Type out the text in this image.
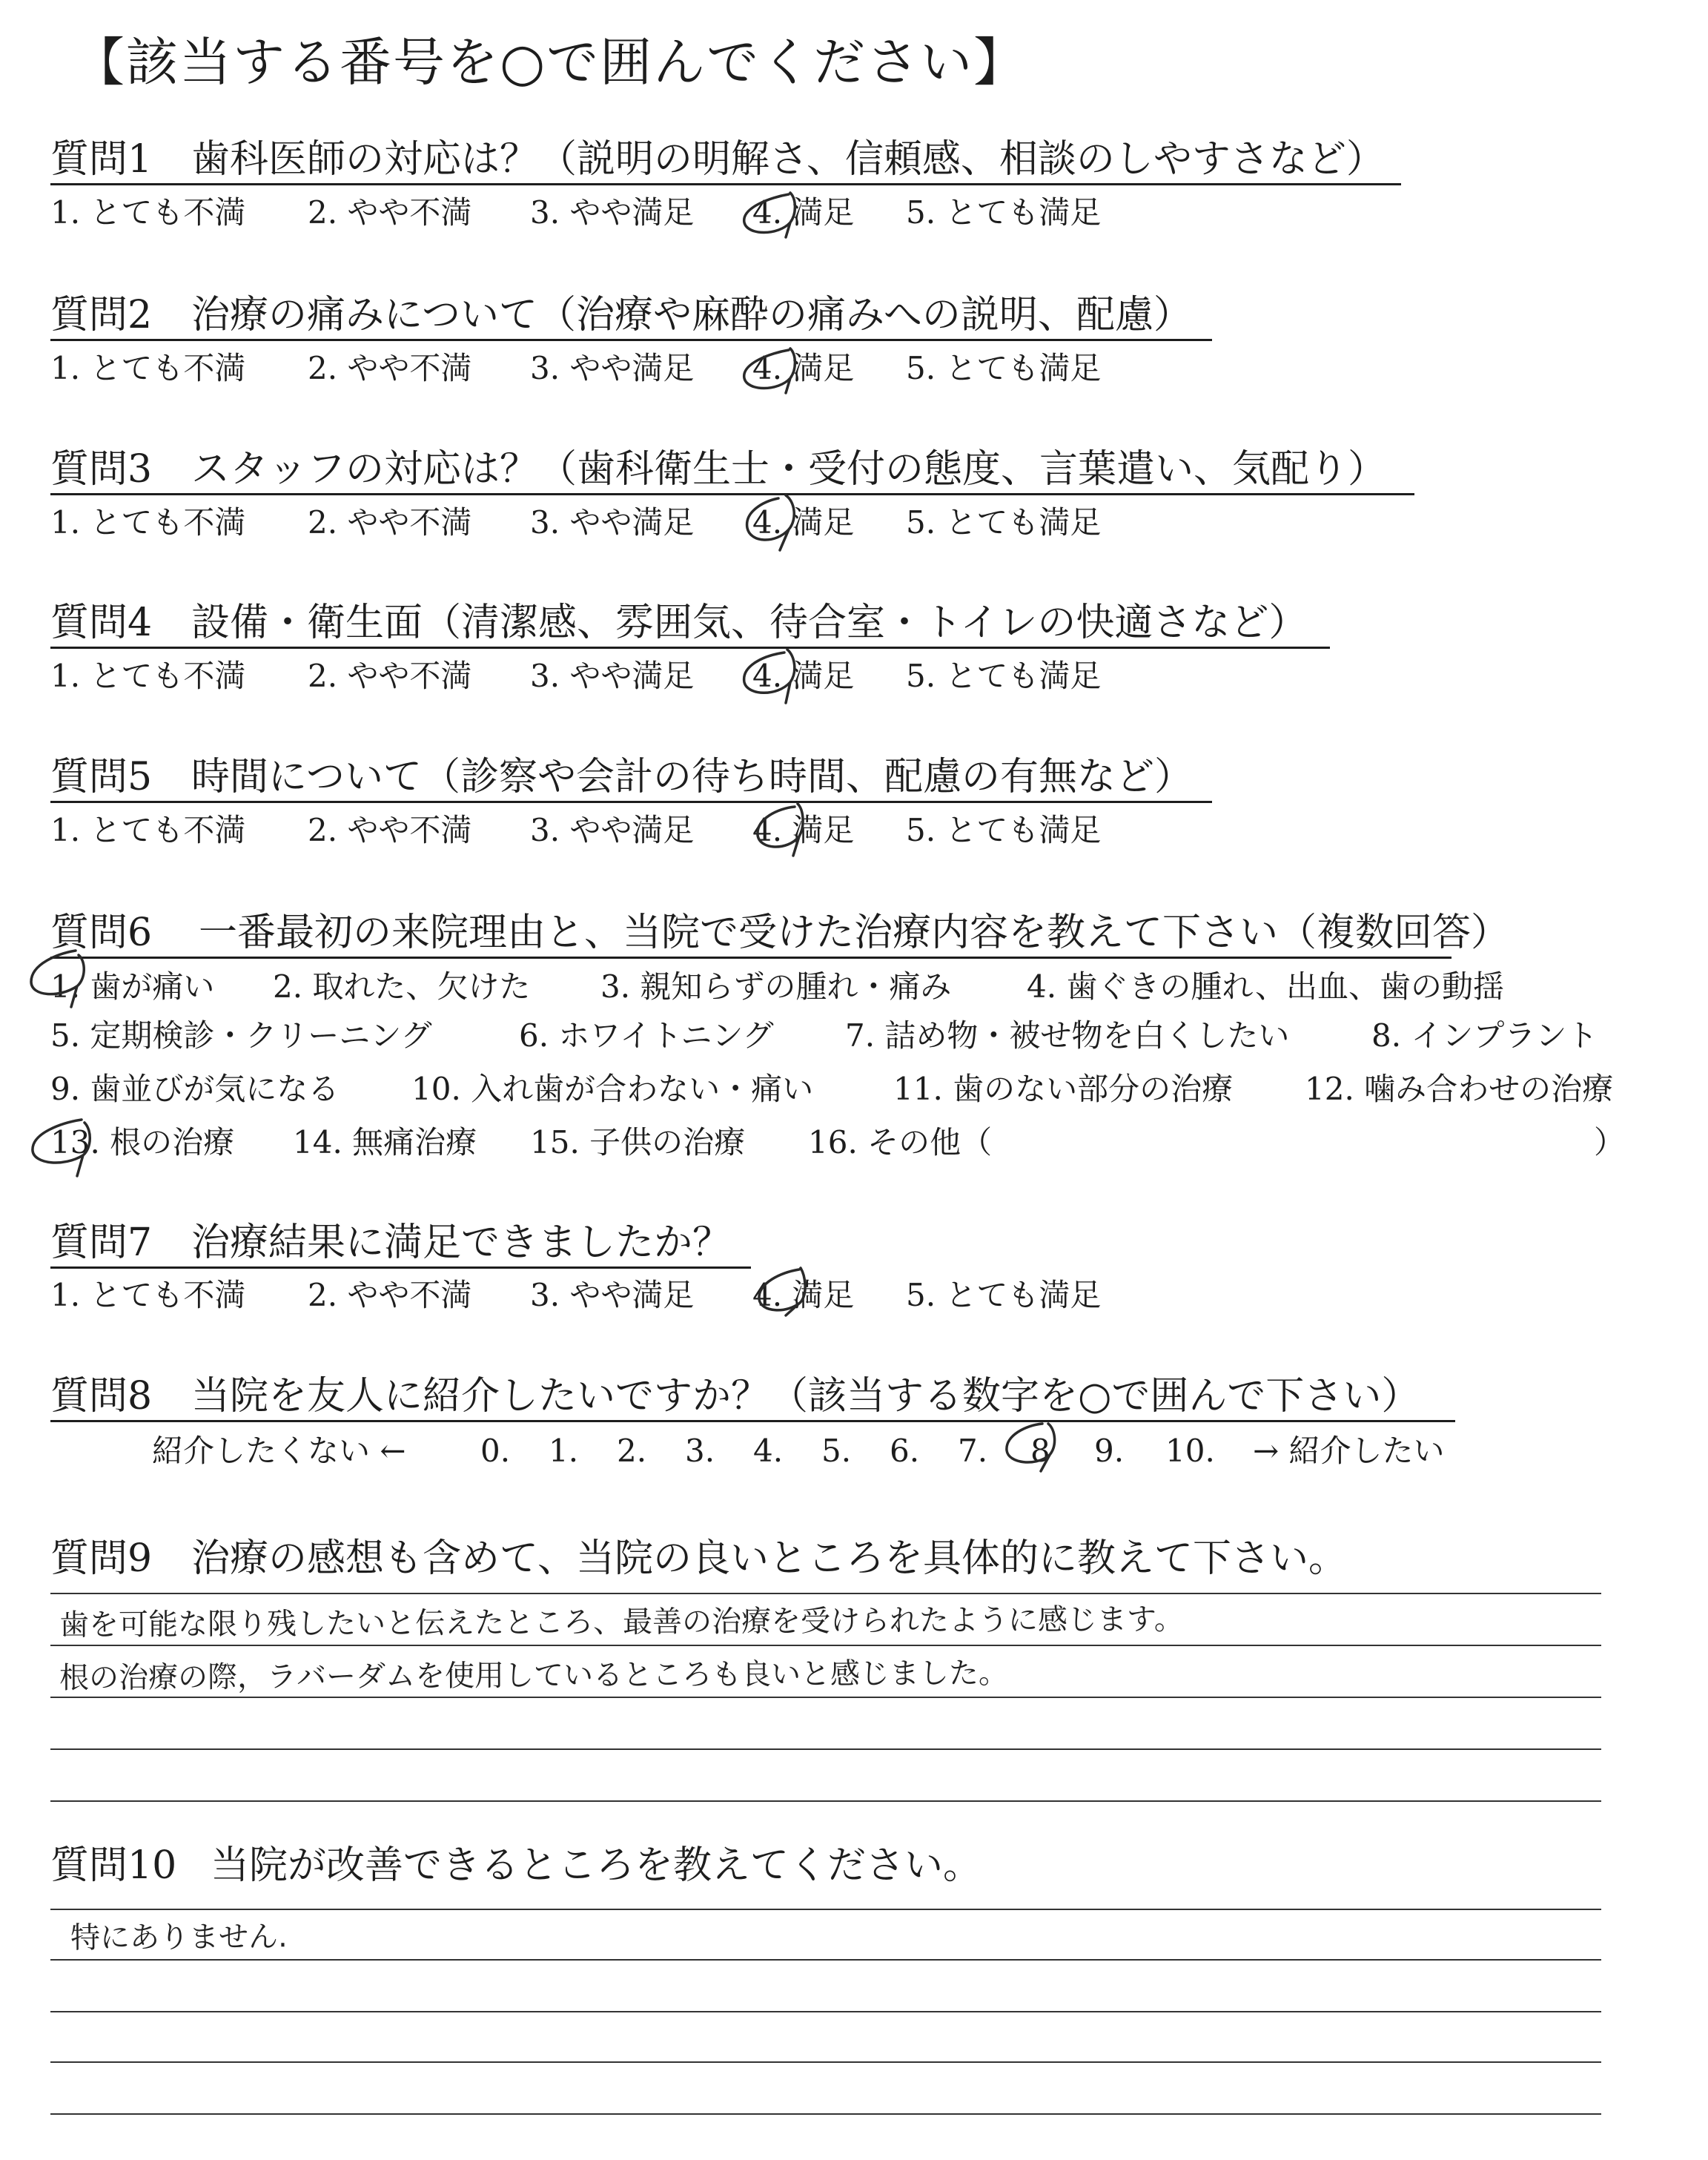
【該当する番号を○で囲んでください】
質問1 歯科医師の対応は？（説明の明解さ、信頼感、相談のしやすさなど）
1. とても不満 2. やや不満 3. やや満足 4. 満足 5. とても満足
質問2 治療の痛みについて（治療や麻酔の痛みへの説明、配慮）
1. とても不満 2. やや不満 3. やや満足 4. 満足 5. とても満足
質問3 スタッフの対応は？（歯科衛生士・受付の態度、言葉遣い、気配り）
1. とても不満 2. やや不満 3. やや満足 4. 満足 5. とても満足
質問4 設備・衛生面（清潔感、雰囲気、待合室・トイレの快適さなど）
1. とても不満 2. やや不満 3. やや満足 4. 満足 5. とても満足
質問5 時間について（診察や会計の待ち時間、配慮の有無など）
1. とても不満 2. やや不満 3. やや満足 4. 満足 5. とても満足
質問6 一番最初の来院理由と、当院で受けた治療内容を教えて下さい（複数回答）
1. 歯が痛い 2. 取れた、欠けた 3. 親知らずの腫れ・痛み 4. 歯ぐきの腫れ、出血、歯の動揺
5. 定期検診・クリーニング	6. ホワイトニング 7. 詰め物・被せ物を白くしたい	8. インプラント
9. 歯並びが気になる 10. 入れ歯が合わない・痛い	11. 歯のない部分の治療 12. 噛み合わせの治療
13. 根の治療 14. 無痛治療 15. 子供の治療 16. その他（	）
質問7 治療結果に満足できましたか？
1. とても不満 2. やや不満 3. やや満足 4. 満足 5. とても満足
質問8 当院を友人に紹介したいですか？（該当する数字を○で囲んで下さい）
紹介したくない ← 0. 1. 2. 3. 4. 5. 6. 7. 8 9. 10. → 紹介したい
質問9 治療の感想も含めて、当院の良いところを具体的に教えて下さい。
歯を可能な限り残したいと伝えたところ、最善の治療を受けられたように感じます。
根の治療の際，ラバーダムを使用しているところも良いと感じました。
質問10 当院が改善できるところを教えてください。
特にありません.
